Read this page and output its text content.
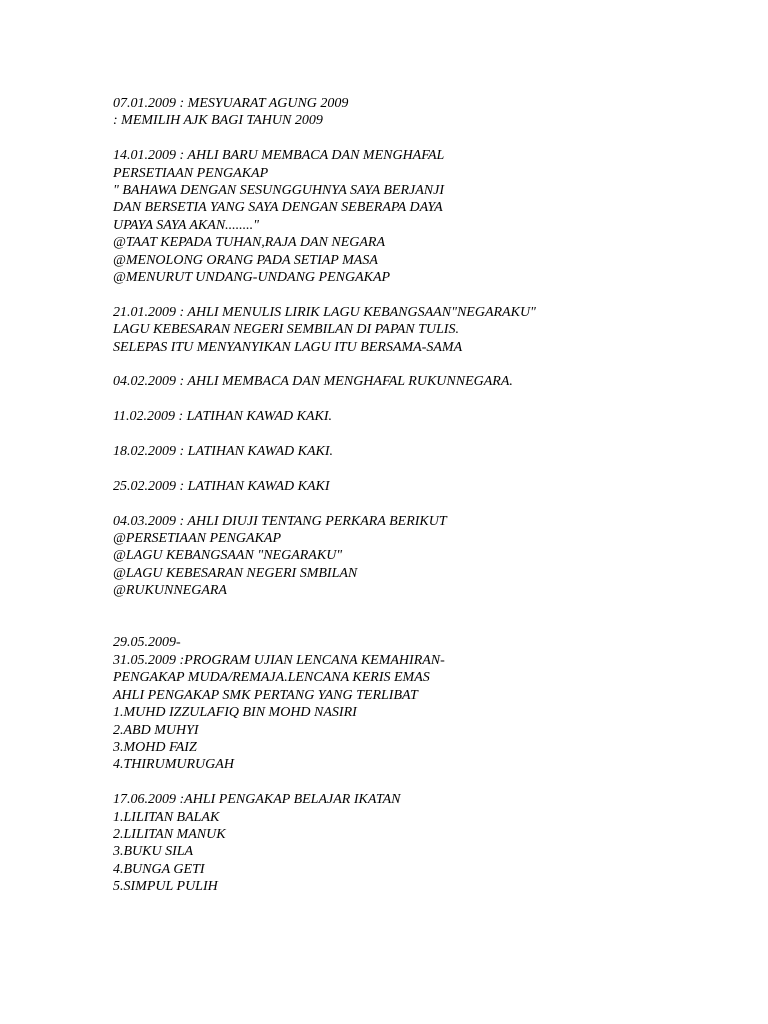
07.01.2009 : MESYUARAT AGUNG 2009
: MEMILIH AJK BAGI TAHUN 2009
14.01.2009 : AHLI BARU MEMBACA DAN MENGHAFAL
PERSETIAAN PENGAKAP
" BAHAWA DENGAN SESUNGGUHNYA SAYA BERJANJI
DAN BERSETIA YANG SAYA DENGAN SEBERAPA DAYA
UPAYA SAYA AKAN........"
@TAAT KEPADA TUHAN,RAJA DAN NEGARA
@MENOLONG ORANG PADA SETIAP MASA
@MENURUT UNDANG-UNDANG PENGAKAP
21.01.2009 : AHLI MENULIS LIRIK LAGU KEBANGSAAN"NEGARAKU"
LAGU KEBESARAN NEGERI SEMBILAN DI PAPAN TULIS.
SELEPAS ITU MENYANYIKAN LAGU ITU BERSAMA-SAMA
04.02.2009 : AHLI MEMBACA DAN MENGHAFAL RUKUNNEGARA.
11.02.2009 : LATIHAN KAWAD KAKI.
18.02.2009 : LATIHAN KAWAD KAKI.
25.02.2009 : LATIHAN KAWAD KAKI
04.03.2009 : AHLI DIUJI TENTANG PERKARA BERIKUT
@PERSETIAAN PENGAKAP
@LAGU KEBANGSAAN "NEGARAKU"
@LAGU KEBESARAN NEGERI SMBILAN
@RUKUNNEGARA
29.05.2009-
31.05.2009 :PROGRAM UJIAN LENCANA KEMAHIRAN-
PENGAKAP MUDA/REMAJA.LENCANA KERIS EMAS
AHLI PENGAKAP SMK PERTANG YANG TERLIBAT
1.MUHD IZZULAFIQ BIN MOHD NASIRI
2.ABD MUHYI
3.MOHD FAIZ
4.THIRUMURUGAH
17.06.2009 :AHLI PENGAKAP BELAJAR IKATAN
1.LILITAN BALAK
2.LILITAN MANUK
3.BUKU SILA
4.BUNGA GETI
5.SIMPUL PULIH
